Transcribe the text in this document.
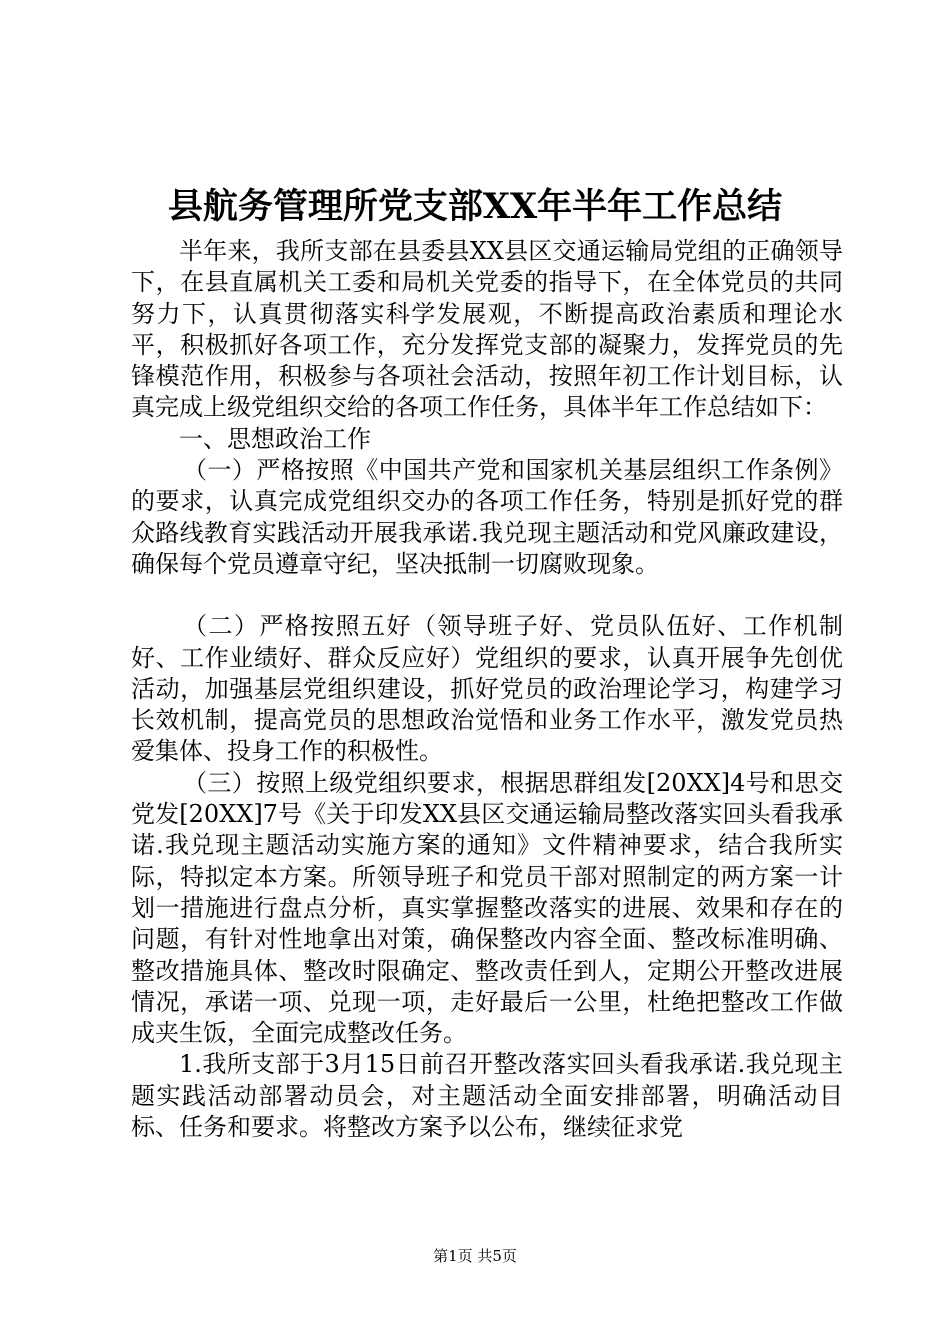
县航务管理所党支部XX年半年工作总结

半年来，我所支部在县委县XX县区交通运输局党组的正确领导下，在县直属机关工委和局机关党委的指导下，在全体党员的共同努力下，认真贯彻落实科学发展观，不断提高政治素质和理论水平，积极抓好各项工作，充分发挥党支部的凝聚力，发挥党员的先锋模范作用，积极参与各项社会活动，按照年初工作计划目标，认真完成上级党组织交给的各项工作任务，具体半年工作总结如下：

一、思想政治工作

（一）严格按照《中国共产党和国家机关基层组织工作条例》的要求，认真完成党组织交办的各项工作任务，特别是抓好党的群众路线教育实践活动开展我承诺.我兑现主题活动和党风廉政建设，确保每个党员遵章守纪，坚决抵制一切腐败现象。

（二）严格按照五好（领导班子好、党员队伍好、工作机制好、工作业绩好、群众反应好）党组织的要求，认真开展争先创优活动，加强基层党组织建设，抓好党员的政治理论学习，构建学习长效机制，提高党员的思想政治觉悟和业务工作水平，激发党员热爱集体、投身工作的积极性。

（三）按照上级党组织要求，根据思群组发[20XX]4号和思交党发[20XX]7号《关于印发XX县区交通运输局整改落实回头看我承诺.我兑现主题活动实施方案的通知》文件精神要求，结合我所实际，特拟定本方案。所领导班子和党员干部对照制定的两方案一计划一措施进行盘点分析，真实掌握整改落实的进展、效果和存在的问题，有针对性地拿出对策，确保整改内容全面、整改标准明确、整改措施具体、整改时限确定、整改责任到人，定期公开整改进展情况，承诺一项、兑现一项，走好最后一公里，杜绝把整改工作做成夹生饭，全面完成整改任务。

1.我所支部于3月15日前召开整改落实回头看我承诺.我兑现主题实践活动部署动员会，对主题活动全面安排部署，明确活动目标、任务和要求。将整改方案予以公布，继续征求党

第1页 共5页
